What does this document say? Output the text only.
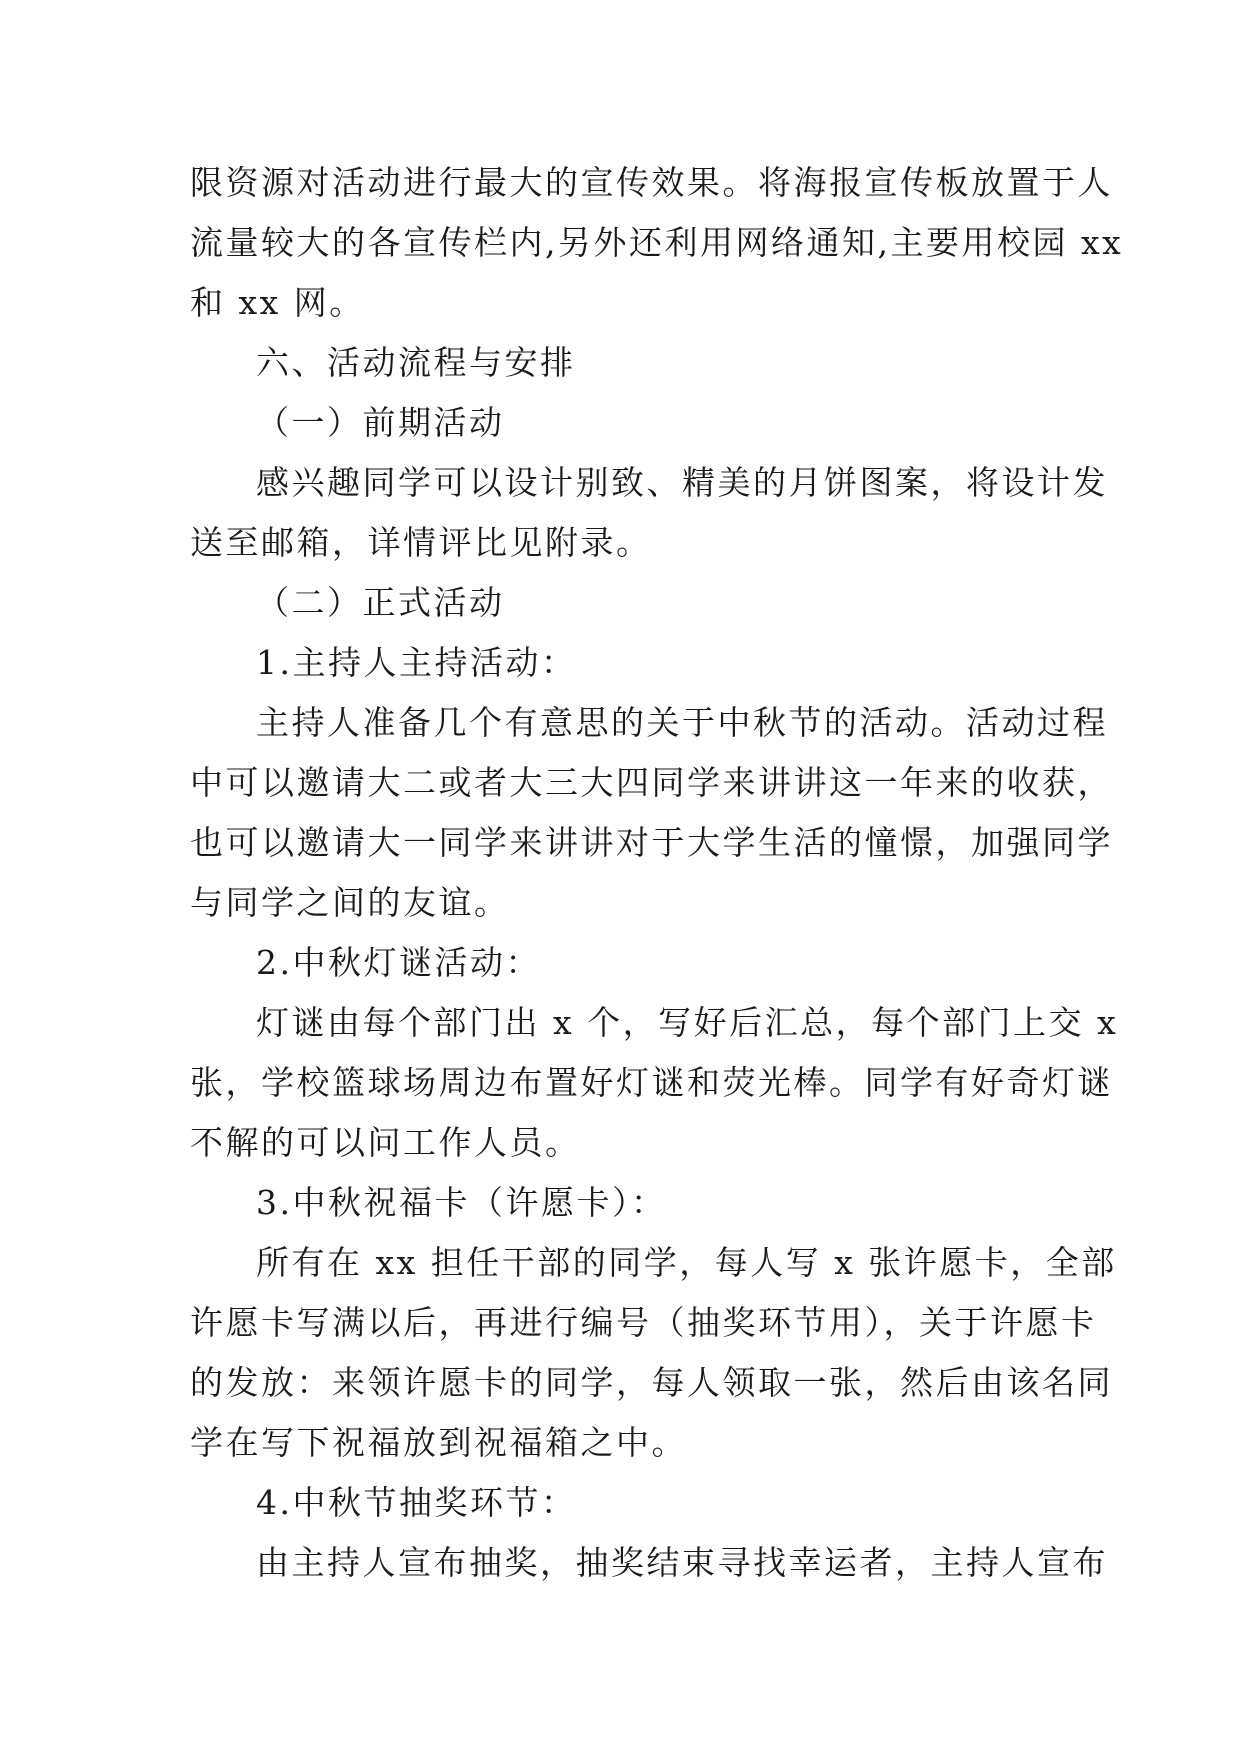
限资源对活动进行最大的宣传效果。将海报宣传板放置于人
流量较大的各宣传栏内,另外还利用网络通知,主要用校园 xx
和 xx 网。
六、活动流程与安排
（一）前期活动
感兴趣同学可以设计别致、精美的月饼图案，将设计发
送至邮箱，详情评比见附录。
（二）正式活动
1.主持人主持活动：
主持人准备几个有意思的关于中秋节的活动。活动过程
中可以邀请大二或者大三大四同学来讲讲这一年来的收获，
也可以邀请大一同学来讲讲对于大学生活的憧憬，加强同学
与同学之间的友谊。
2.中秋灯谜活动：
灯谜由每个部门出 x 个，写好后汇总，每个部门上交 x
张，学校篮球场周边布置好灯谜和荧光棒。同学有好奇灯谜
不解的可以问工作人员。
3.中秋祝福卡（许愿卡）：
所有在 xx 担任干部的同学，每人写 x 张许愿卡，全部
许愿卡写满以后，再进行编号（抽奖环节用），关于许愿卡
的发放：来领许愿卡的同学，每人领取一张，然后由该名同
学在写下祝福放到祝福箱之中。
4.中秋节抽奖环节：
由主持人宣布抽奖，抽奖结束寻找幸运者，主持人宣布
